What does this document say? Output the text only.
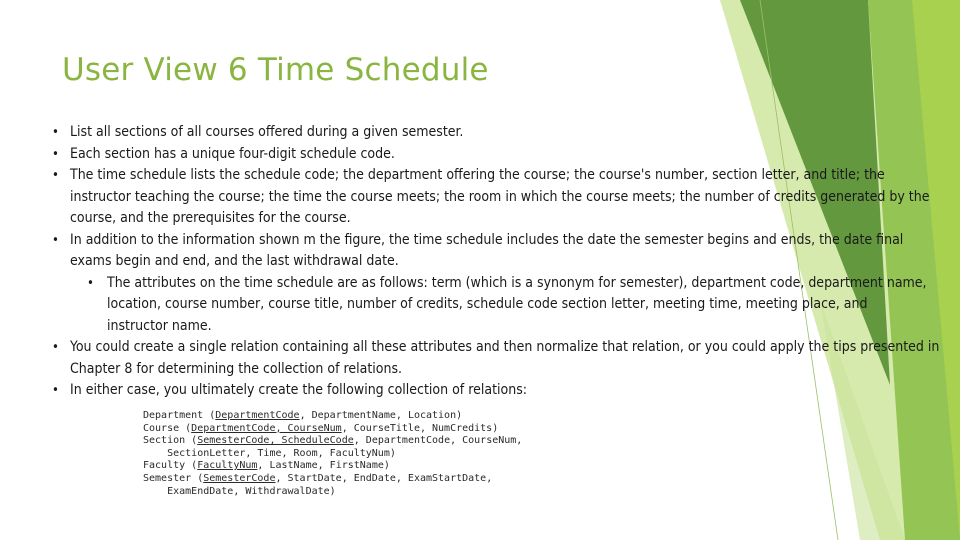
User View 6 Time Schedule
• List all sections of all courses offered during a given semester.
• Each section has a unique four-digit schedule code.
• The time schedule lists the schedule code; the department offering the course; the course's number, section letter, and title; the instructor teaching the course; the time the course meets; the room in which the course meets; the number of credits generated by the course, and the prerequisites for the course.
• In addition to the information shown m the figure, the time schedule includes the date the semester begins and ends, the date final exams begin and end, and the last withdrawal date.
• The attributes on the time schedule are as follows: term (which is a synonym for semester), department code, department name, location, course number, course title, number of credits, schedule code section letter, meeting time, meeting place, and instructor name.
• You could create a single relation containing all these attributes and then normalize that relation, or you could apply the tips presented in Chapter 8 for determining the collection of relations.
• In either case, you ultimately create the following collection of relations:
Department (DepartmentCode, DepartmentName, Location)
Course (DepartmentCode, CourseNum, CourseTitle, NumCredits)
Section (SemesterCode, ScheduleCode, DepartmentCode, CourseNum,
SectionLetter, Time, Room, FacultyNum)
Faculty (FacultyNum, LastName, FirstName)
Semester (SemesterCode, StartDate, EndDate, ExamStartDate,
ExamEndDate, WithdrawalDate)
